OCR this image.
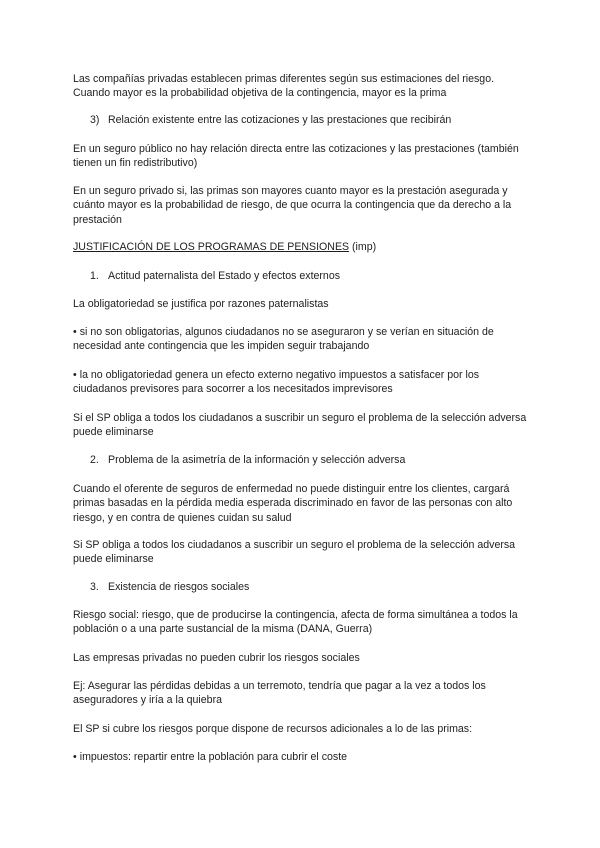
Las compañías privadas establecen primas diferentes según sus estimaciones del riesgo. Cuando mayor es la probabilidad objetiva de la contingencia, mayor es la prima
3) Relación existente entre las cotizaciones y las prestaciones que recibirán
En un seguro público no hay relación directa entre las cotizaciones y las prestaciones (también tienen un fin redistributivo)
En un seguro privado si, las primas son mayores cuanto mayor es la prestación asegurada y cuánto mayor es la probabilidad de riesgo, de que ocurra la contingencia que da derecho a la prestación
JUSTIFICACIÓN DE LOS PROGRAMAS DE PENSIONES (imp)
1. Actitud paternalista del Estado y efectos externos
La obligatoriedad se justifica por razones paternalistas
• si no son obligatorias, algunos ciudadanos no se aseguraron y se verían en situación de necesidad ante contingencia que les impiden seguir trabajando
• la no obligatoriedad genera un efecto externo negativo impuestos a satisfacer por los ciudadanos previsores para socorrer a los necesitados imprevisores
Si el SP obliga a todos los ciudadanos a suscribir un seguro el problema de la selección adversa puede eliminarse
2. Problema de la asimetría de la información y selección adversa
Cuando el oferente de seguros de enfermedad no puede distinguir entre los clientes, cargará primas basadas en la pérdida media esperada discriminado en favor de las personas con alto riesgo, y en contra de quienes cuidan su salud
Si SP obliga a todos los ciudadanos a suscribir un seguro el problema de la selección adversa puede eliminarse
3. Existencia de riesgos sociales
Riesgo social: riesgo, que de producirse la contingencia, afecta de forma simultánea a todos la población o a una parte sustancial de la misma (DANA, Guerra)
Las empresas privadas no pueden cubrir los riesgos sociales
Ej: Asegurar las pérdidas debidas a un terremoto, tendría que pagar a la vez a todos los aseguradores y iría a la quiebra
El SP si cubre los riesgos porque dispone de recursos adicionales a lo de las primas:
• impuestos: repartir entre la población para cubrir el coste
